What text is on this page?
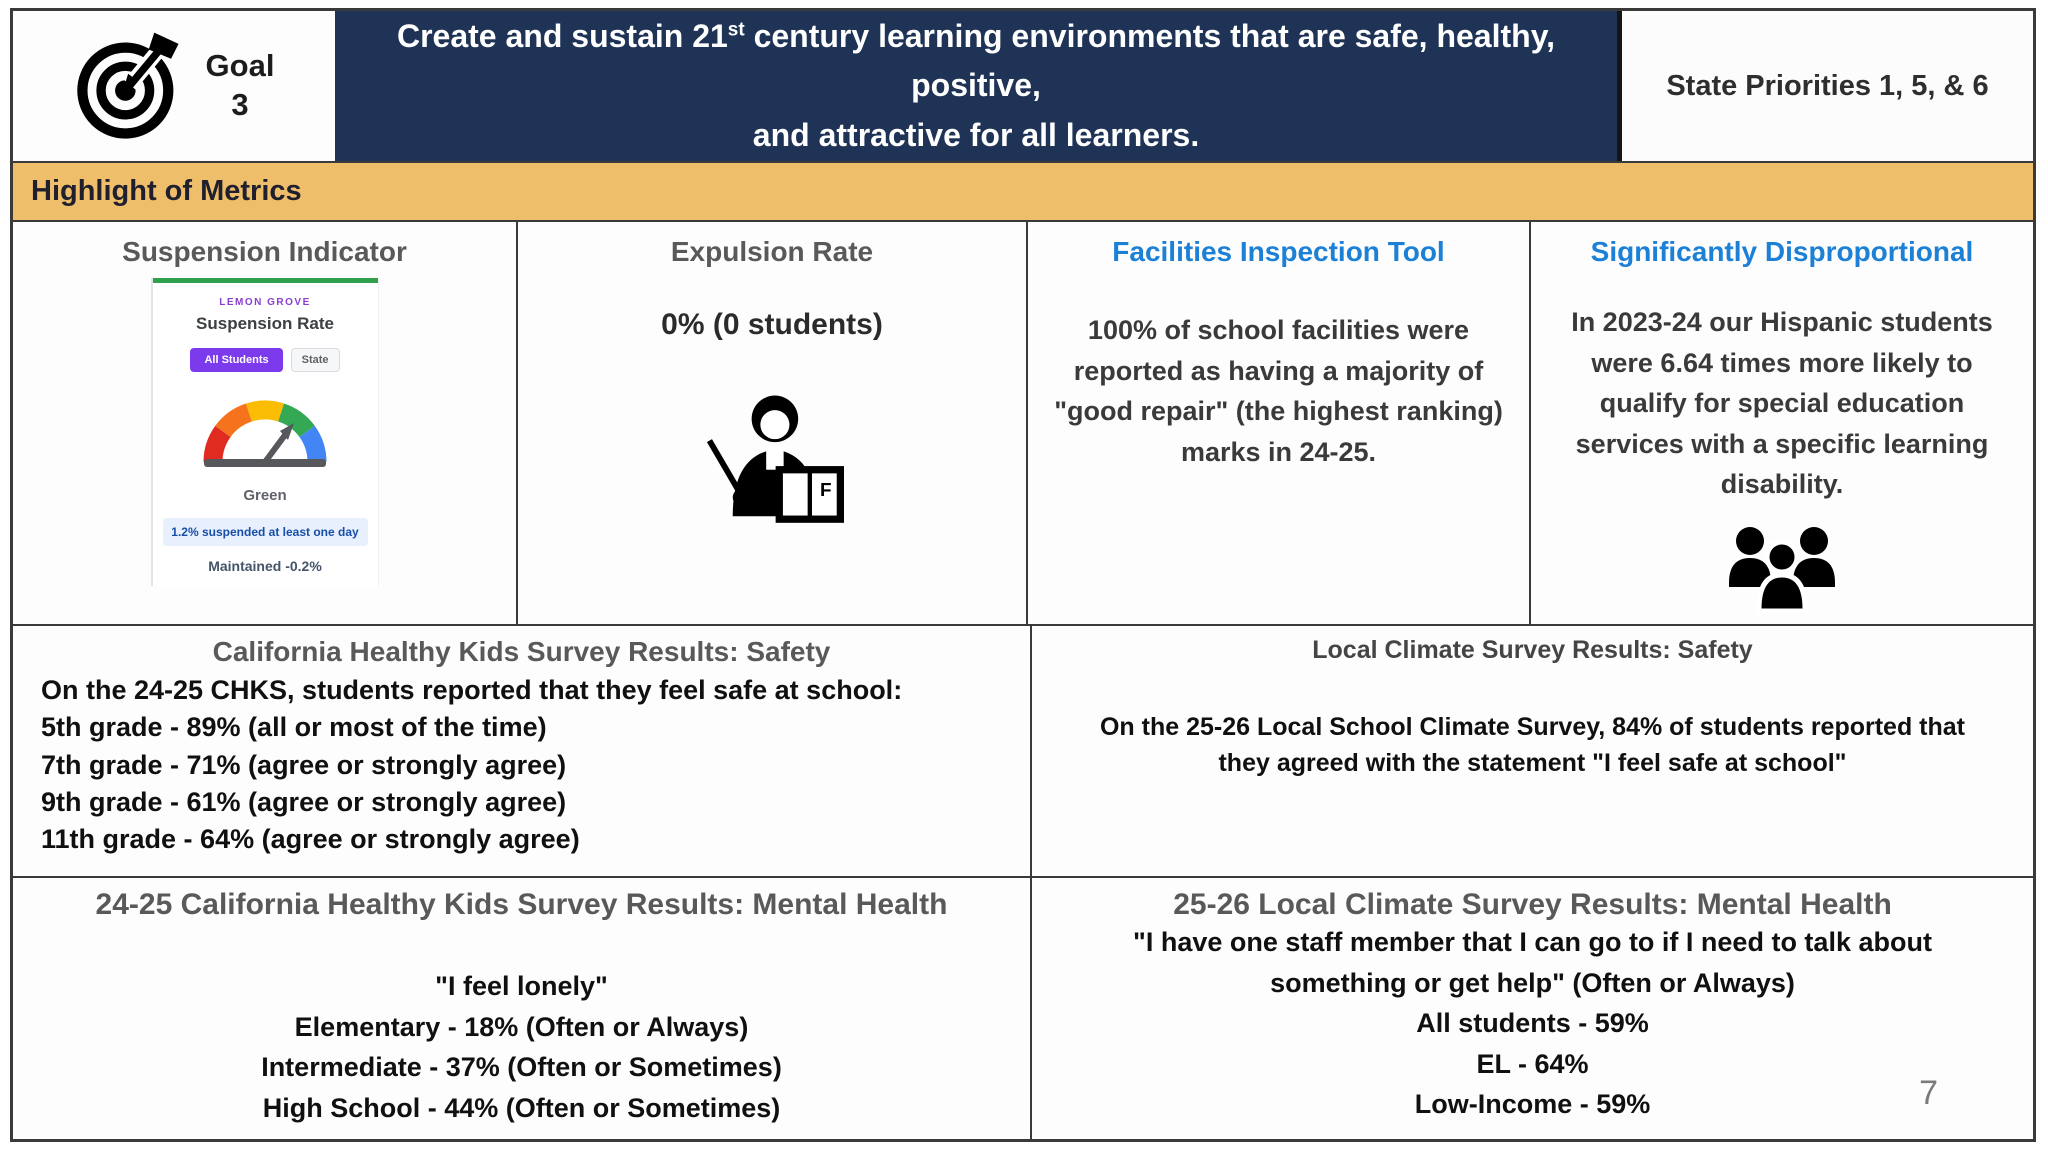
Goal
3
Create and sustain 21st century learning environments that are safe, healthy, positive,
and attractive for all learners.
State Priorities 1, 5, & 6
Highlight of Metrics
Suspension Indicator
LEMON GROVE
Suspension Rate
All Students	State
Green
1.2% suspended at least one day
Maintained -0.2%
Expulsion Rate
0% (0 students)
F
Facilities Inspection Tool
100% of school facilities were reported as having a majority of "good repair" (the highest ranking) marks in 24-25.
Significantly Disproportional
In 2023-24 our Hispanic students were 6.64 times more likely to qualify for special education services with a specific learning disability.
California Healthy Kids Survey Results: Safety
On the 24-25 CHKS, students reported that they feel safe at school:
5th grade - 89% (all or most of the time)
7th grade - 71% (agree or strongly agree)
9th grade - 61% (agree or strongly agree)
11th grade - 64% (agree or strongly agree)
Local Climate Survey Results: Safety
On the 25-26 Local School Climate Survey, 84% of students reported that
they agreed with the statement "I feel safe at school"
24-25 California Healthy Kids Survey Results: Mental Health
"I feel lonely"
Elementary - 18% (Often or Always)
Intermediate - 37% (Often or Sometimes)
High School - 44% (Often or Sometimes)
25-26 Local Climate Survey Results: Mental Health
"I have one staff member that I can go to if I need to talk about
something or get help" (Often or Always)
All students - 59%
EL - 64%
Low-Income - 59%	7
